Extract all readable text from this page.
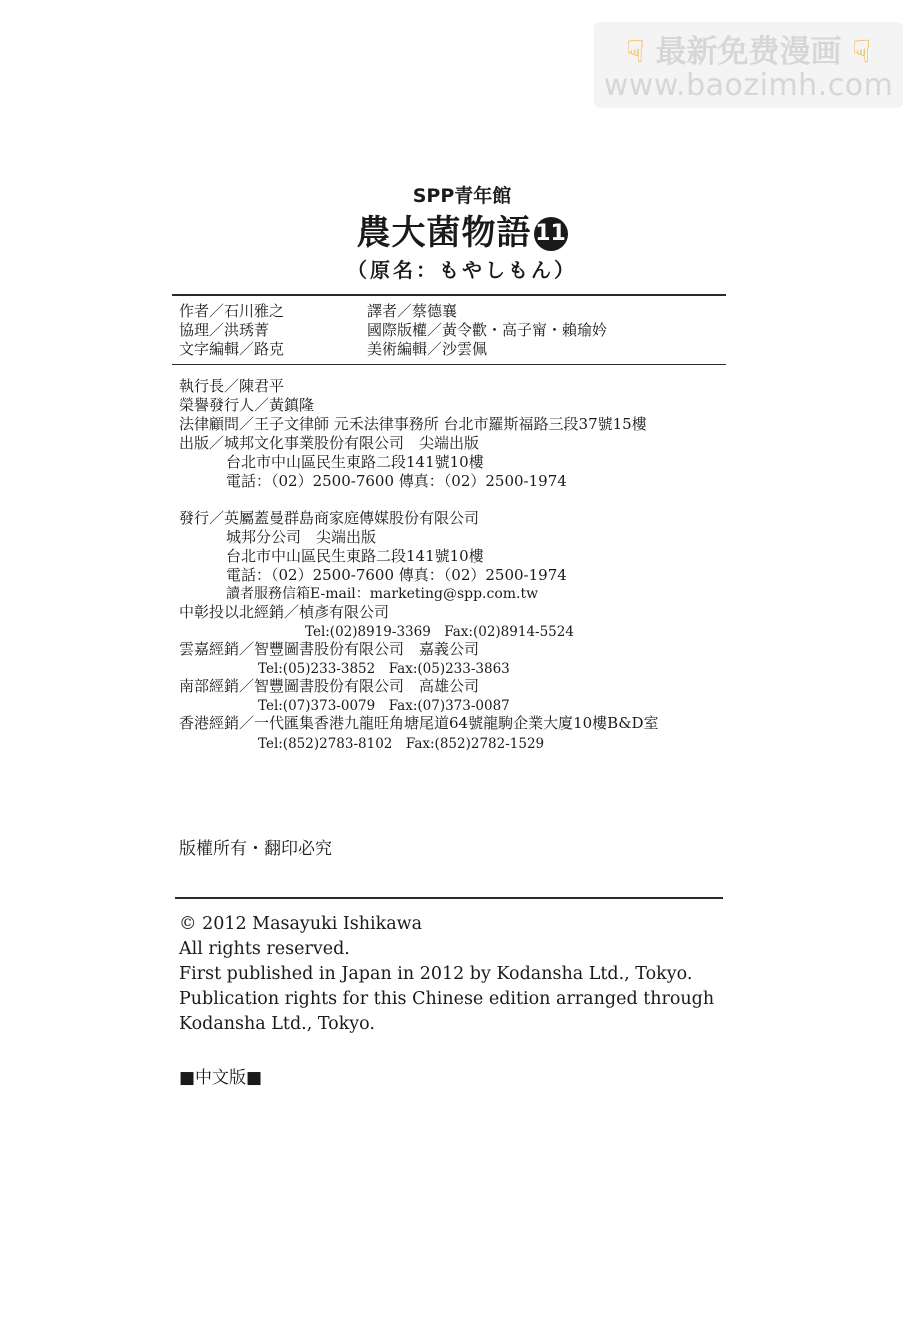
☟ 最新免费漫画 ☟
www.baozimh.com
SPP青年館
農大菌物語 11
（原名：もやしもん）
作者／石川雅之
協理／洪琇菁
文字編輯／路克
譯者／蔡德襄
國際版權／黃令歡・高子甯・賴瑜妗
美術編輯／沙雲佩
執行長／陳君平
榮譽發行人／黃鎮隆
法律顧問／王子文律師 元禾法律事務所 台北市羅斯福路三段37號15樓
出版／城邦文化事業股份有限公司　尖端出版
台北市中山區民生東路二段141號10樓
電話：（02）2500-7600 傳真：（02）2500-1974
發行／英屬蓋曼群島商家庭傳媒股份有限公司
城邦分公司　尖端出版
台北市中山區民生東路二段141號10樓
電話：（02）2500-7600 傳真：（02）2500-1974
讀者服務信箱E-mail：marketing@spp.com.tw
中彰投以北經銷／楨彥有限公司
Tel:(02)8919-3369　Fax:(02)8914-5524
雲嘉經銷／智豐圖書股份有限公司　嘉義公司
Tel:(05)233-3852　Fax:(05)233-3863
南部經銷／智豐圖書股份有限公司　高雄公司
Tel:(07)373-0079　Fax:(07)373-0087
香港經銷／一代匯集香港九龍旺角塘尾道64號龍駒企業大廈10樓B&D室
Tel:(852)2783-8102　Fax:(852)2782-1529
版權所有・翻印必究
© 2012 Masayuki Ishikawa
All rights reserved.
First published in Japan in 2012 by Kodansha Ltd., Tokyo.
Publication rights for this Chinese edition arranged through
Kodansha Ltd., Tokyo.
■中文版■
